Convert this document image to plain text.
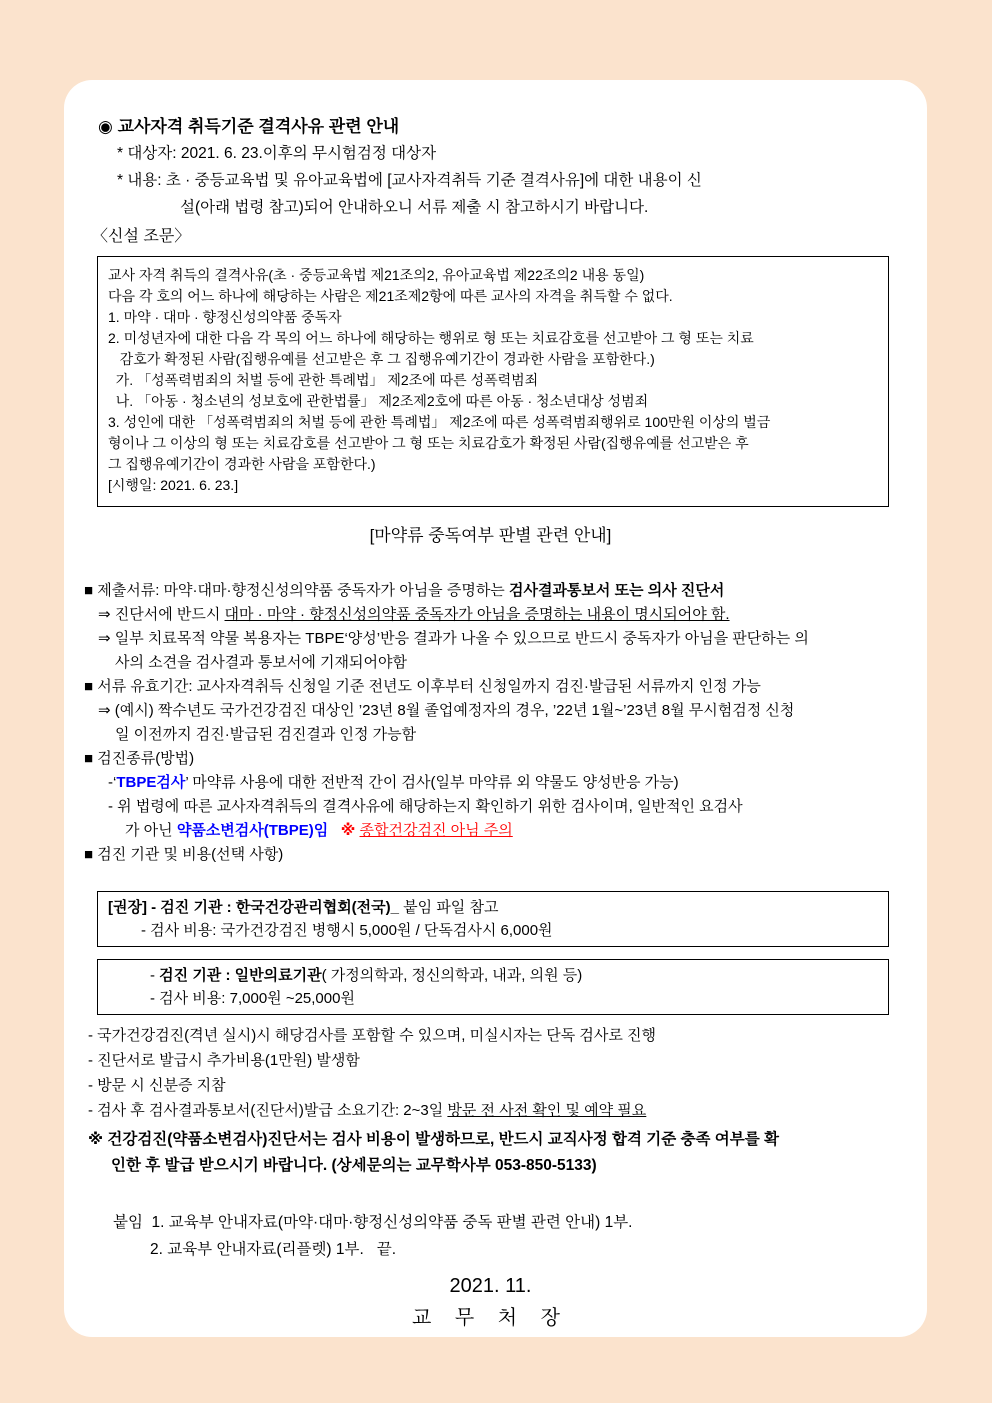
◉ 교사자격 취득기준 결격사유 관련 안내
* 대상자: 2021. 6. 23.이후의 무시험검정 대상자
* 내용: 초 · 중등교육법 및 유아교육법에 [교사자격취득 기준 결격사유]에 대한 내용이 신
설(아래 법령 참고)되어 안내하오니 서류 제출 시 참고하시기 바랍니다.
〈신설 조문〉
교사 자격 취득의 결격사유(초 · 중등교육법 제21조의2, 유아교육법 제22조의2 내용 동일)
다음 각 호의 어느 하나에 해당하는 사람은 제21조제2항에 따른 교사의 자격을 취득할 수 없다.
1. 마약 · 대마 · 향정신성의약품 중독자
2. 미성년자에 대한 다음 각 목의 어느 하나에 해당하는 행위로 형 또는 치료감호를 선고받아 그 형 또는 치료
감호가 확정된 사람(집행유예를 선고받은 후 그 집행유예기간이 경과한 사람을 포함한다.)
가. 「성폭력범죄의 처벌 등에 관한 특례법」 제2조에 따른 성폭력범죄
나. 「아동 · 청소년의 성보호에 관한법률」 제2조제2호에 따른 아동 · 청소년대상 성범죄
3. 성인에 대한 「성폭력범죄의 처벌 등에 관한 특례법」 제2조에 따른 성폭력범죄행위로 100만원 이상의 벌금
형이나 그 이상의 형 또는 치료감호를 선고받아 그 형 또는 치료감호가 확정된 사람(집행유예를 선고받은 후
그 집행유예기간이 경과한 사람을 포함한다.)
[시행일: 2021. 6. 23.]
[마약류 중독여부 판별 관련 안내]
■ 제출서류: 마약·대마·향정신성의약품 중독자가 아님을 증명하는 검사결과통보서 또는 의사 진단서
⇒ 진단서에 반드시 대마 · 마약 · 향정신성의약품 중독자가 아님을 증명하는 내용이 명시되어야 함.
⇒ 일부 치료목적 약물 복용자는 TBPE‘양성’반응 결과가 나올 수 있으므로 반드시 중독자가 아님을 판단하는 의
사의 소견을 검사결과 통보서에 기재되어야함
■ 서류 유효기간: 교사자격취득 신청일 기준 전년도 이후부터 신청일까지 검진·발급된 서류까지 인정 가능
⇒ (예시) 짝수년도 국가건강검진 대상인 ’23년 8월 졸업예정자의 경우, ’22년 1월~’23년 8월 무시험검정 신청
일 이전까지 검진·발급된 검진결과 인정 가능함
■ 검진종류(방법)
-‘TBPE검사’ 마약류 사용에 대한 전반적 간이 검사(일부 마약류 외 약물도 양성반응 가능)
- 위 법령에 따른 교사자격취득의 결격사유에 해당하는지 확인하기 위한 검사이며, 일반적인 요검사
가 아닌 약품소변검사(TBPE)임 ※ 종합건강검진 아님 주의
■ 검진 기관 및 비용(선택 사항)
[권장] - 검진 기관 : 한국건강관리협회(전국)_ 붙임 파일 참고
- 검사 비용: 국가건강검진 병행시 5,000원 / 단독검사시 6,000원
- 검진 기관 : 일반의료기관( 가정의학과, 정신의학과, 내과, 의원 등)
- 검사 비용: 7,000원 ~25,000원
- 국가건강검진(격년 실시)시 해당검사를 포함할 수 있으며, 미실시자는 단독 검사로 진행
- 진단서로 발급시 추가비용(1만원) 발생함
- 방문 시 신분증 지참
- 검사 후 검사결과통보서(진단서)발급 소요기간: 2~3일 방문 전 사전 확인 및 예약 필요
※ 건강검진(약품소변검사)진단서는 검사 비용이 발생하므로, 반드시 교직사정 합격 기준 충족 여부를 확
인한 후 발급 받으시기 바랍니다. (상세문의는 교무학사부 053-850-5133)
붙임  1. 교육부 안내자료(마약·대마·향정신성의약품 중독 판별 관련 안내) 1부.
2. 교육부 안내자료(리플렛) 1부.   끝.
2021. 11.
교 무 처 장
